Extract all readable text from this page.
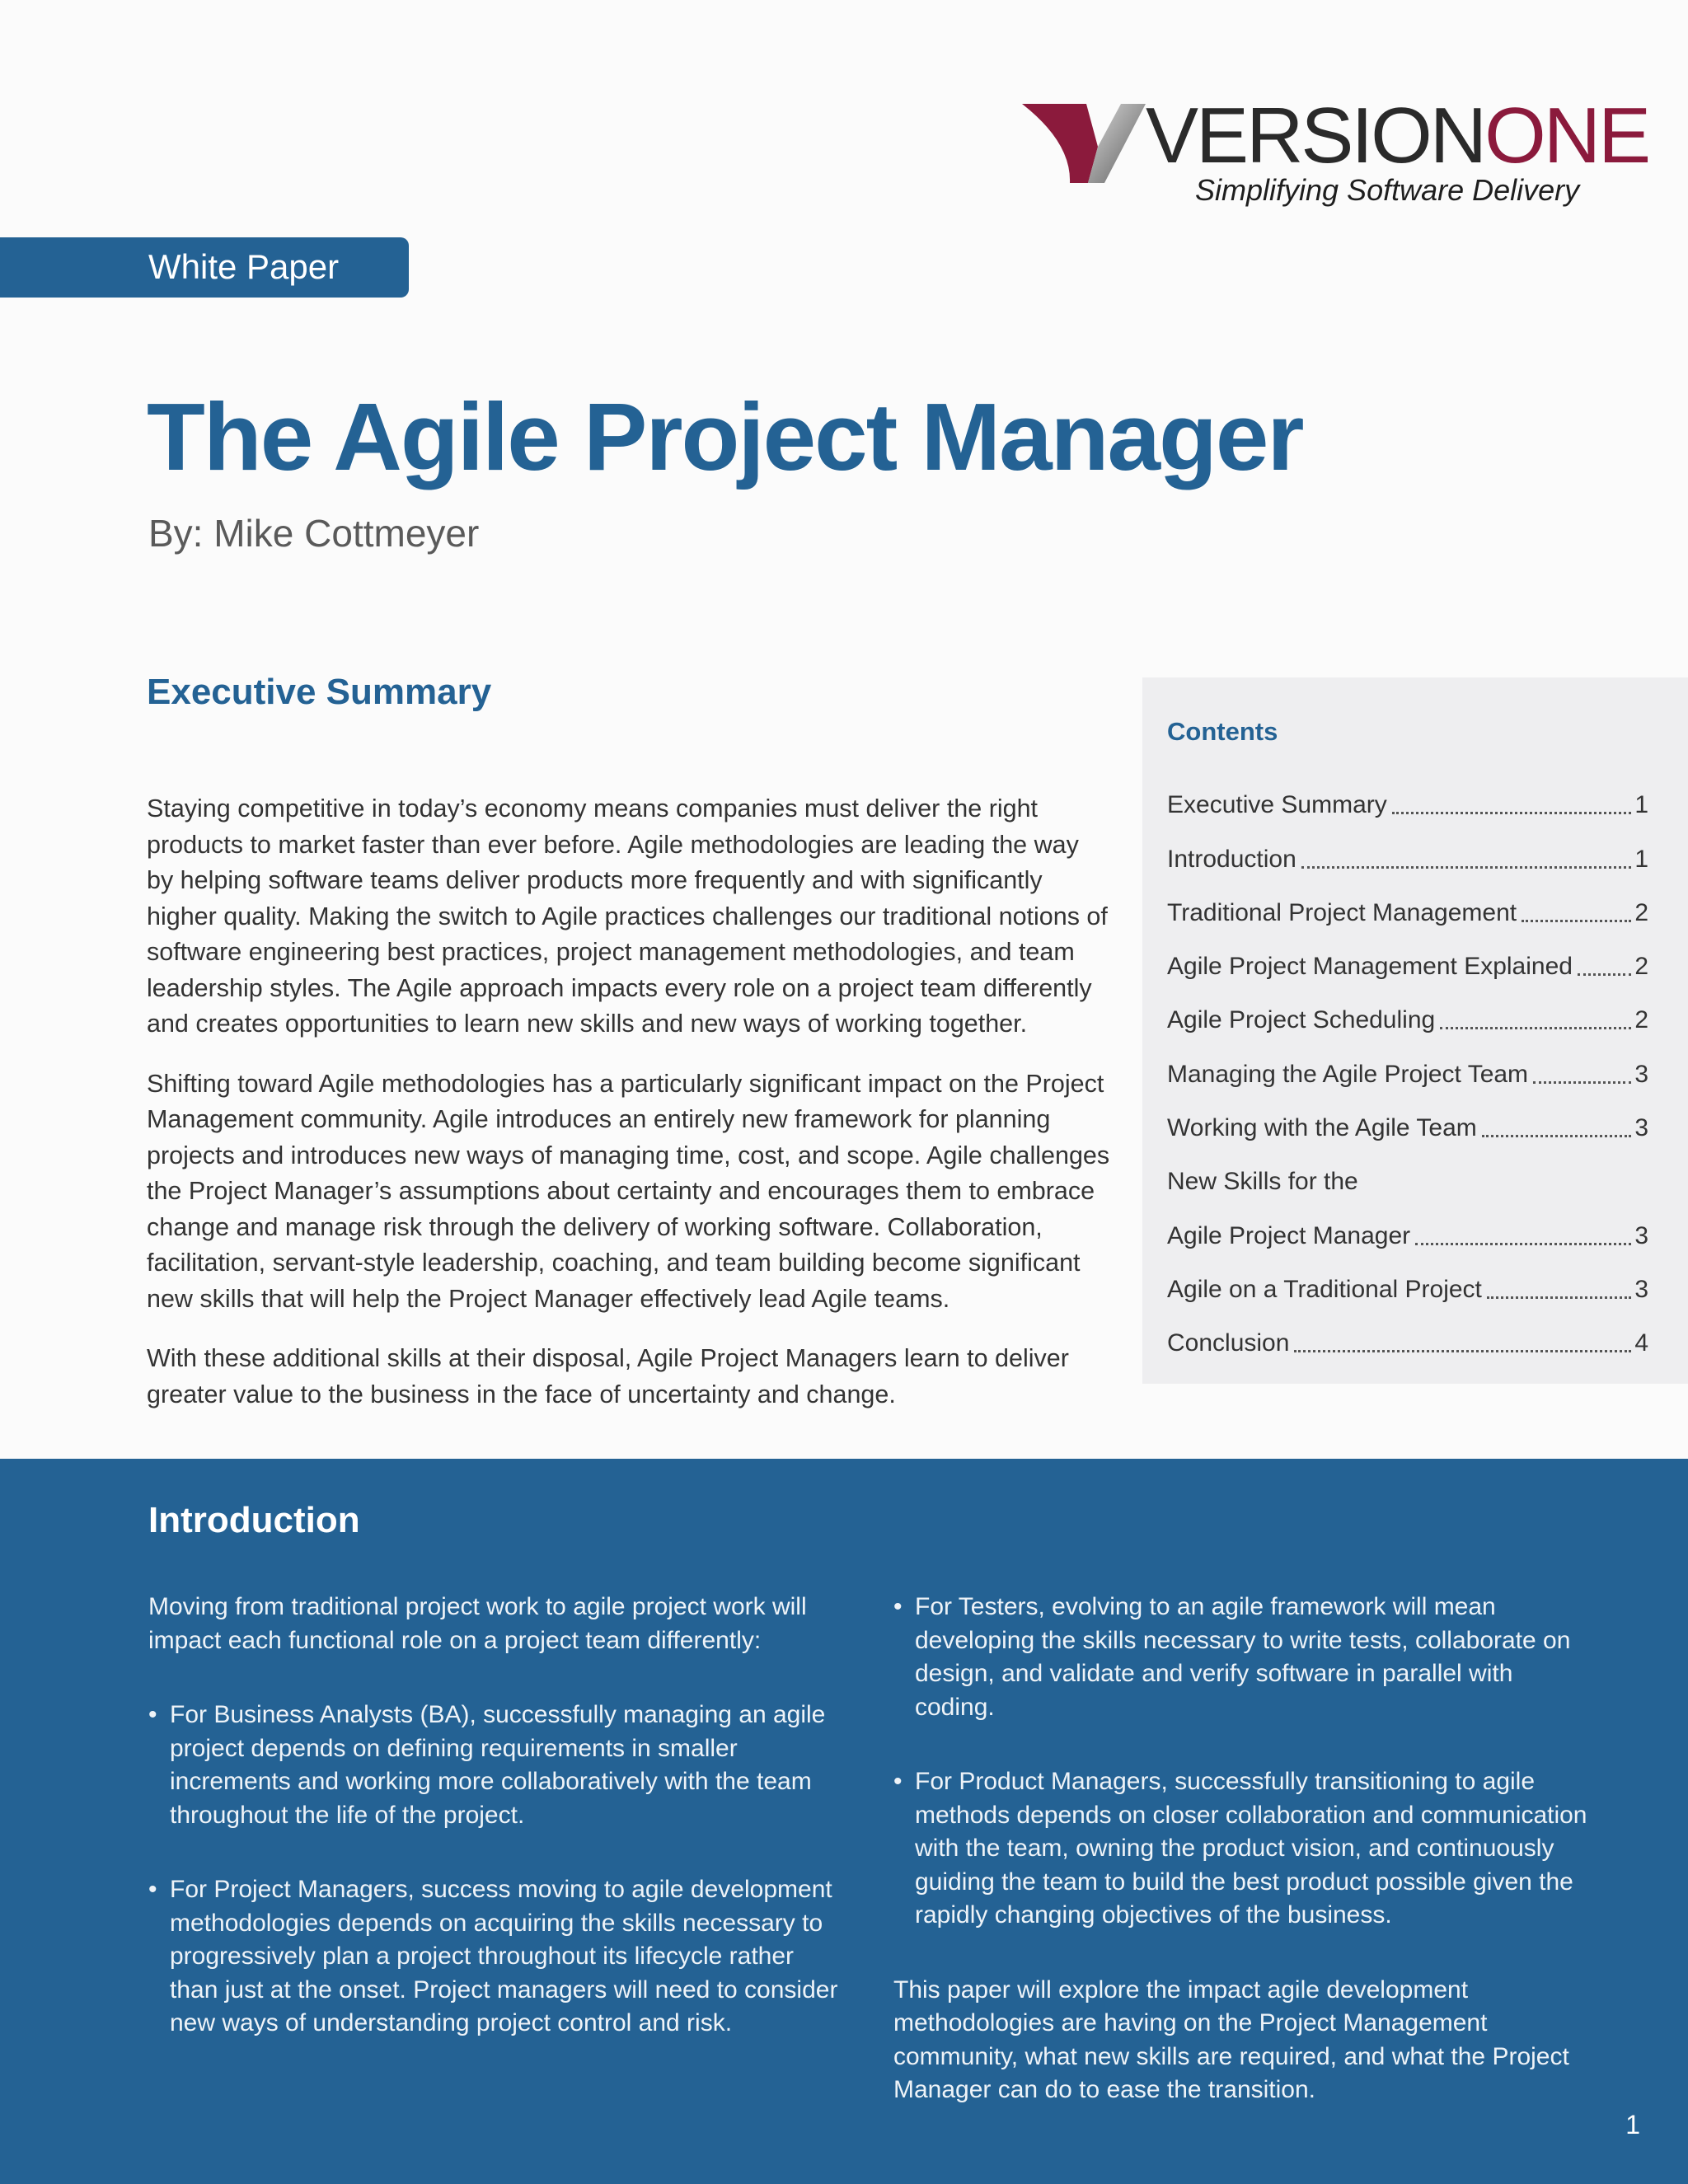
VERSIONONE
Simplifying Software Delivery
White Paper
The Agile Project Manager

By: Mike Cottmeyer

Executive Summary

Staying competitive in today’s economy means companies must deliver the right products to market faster than ever before. Agile methodologies are leading the way by helping software teams deliver products more frequently and with significantly higher quality. Making the switch to Agile practices challenges our traditional notions of software engineering best practices, project management methodologies, and team leadership styles. The Agile approach impacts every role on a project team differently and creates opportunities to learn new skills and new ways of working together.

Shifting toward Agile methodologies has a particularly significant impact on the Project Management community. Agile introduces an entirely new framework for planning projects and introduces new ways of managing time, cost, and scope. Agile challenges the Project Manager’s assumptions about certainty and encourages them to embrace change and manage risk through the delivery of working software. Collaboration, facilitation, servant-style leadership, coaching, and team building become significant new skills that will help the Project Manager effectively lead Agile teams.

With these additional skills at their disposal, Agile Project Managers learn to deliver greater value to the business in the face of uncertainty and change.

Contents
Executive Summary	1
Introduction	1
Traditional Project Management	2
Agile Project Management Explained	2
Agile Project Scheduling	2
Managing the Agile Project Team	3
Working with the Agile Team	3
New Skills for the
Agile Project Manager	3
Agile on a Traditional Project	3
Conclusion	4
Introduction

Moving from traditional project work to agile project work will impact each functional role on a project team differently:

• For Business Analysts (BA), successfully managing an agile project depends on defining requirements in smaller increments and working more collaboratively with the team throughout the life of the project.
• For Project Managers, success moving to agile development methodologies depends on acquiring the skills necessary to progressively plan a project throughout its lifecycle rather than just at the onset. Project managers will need to consider new ways of understanding project control and risk.
• For Testers, evolving to an agile framework will mean developing the skills necessary to write tests, collaborate on design, and validate and verify software in parallel with coding.
• For Product Managers, successfully transitioning to agile methods depends on closer collaboration and communication with the team, owning the product vision, and continuously guiding the team to build the best product possible given the rapidly changing objectives of the business.

This paper will explore the impact agile development methodologies are having on the Project Management community, what new skills are required, and what the Project Manager can do to ease the transition.

1
